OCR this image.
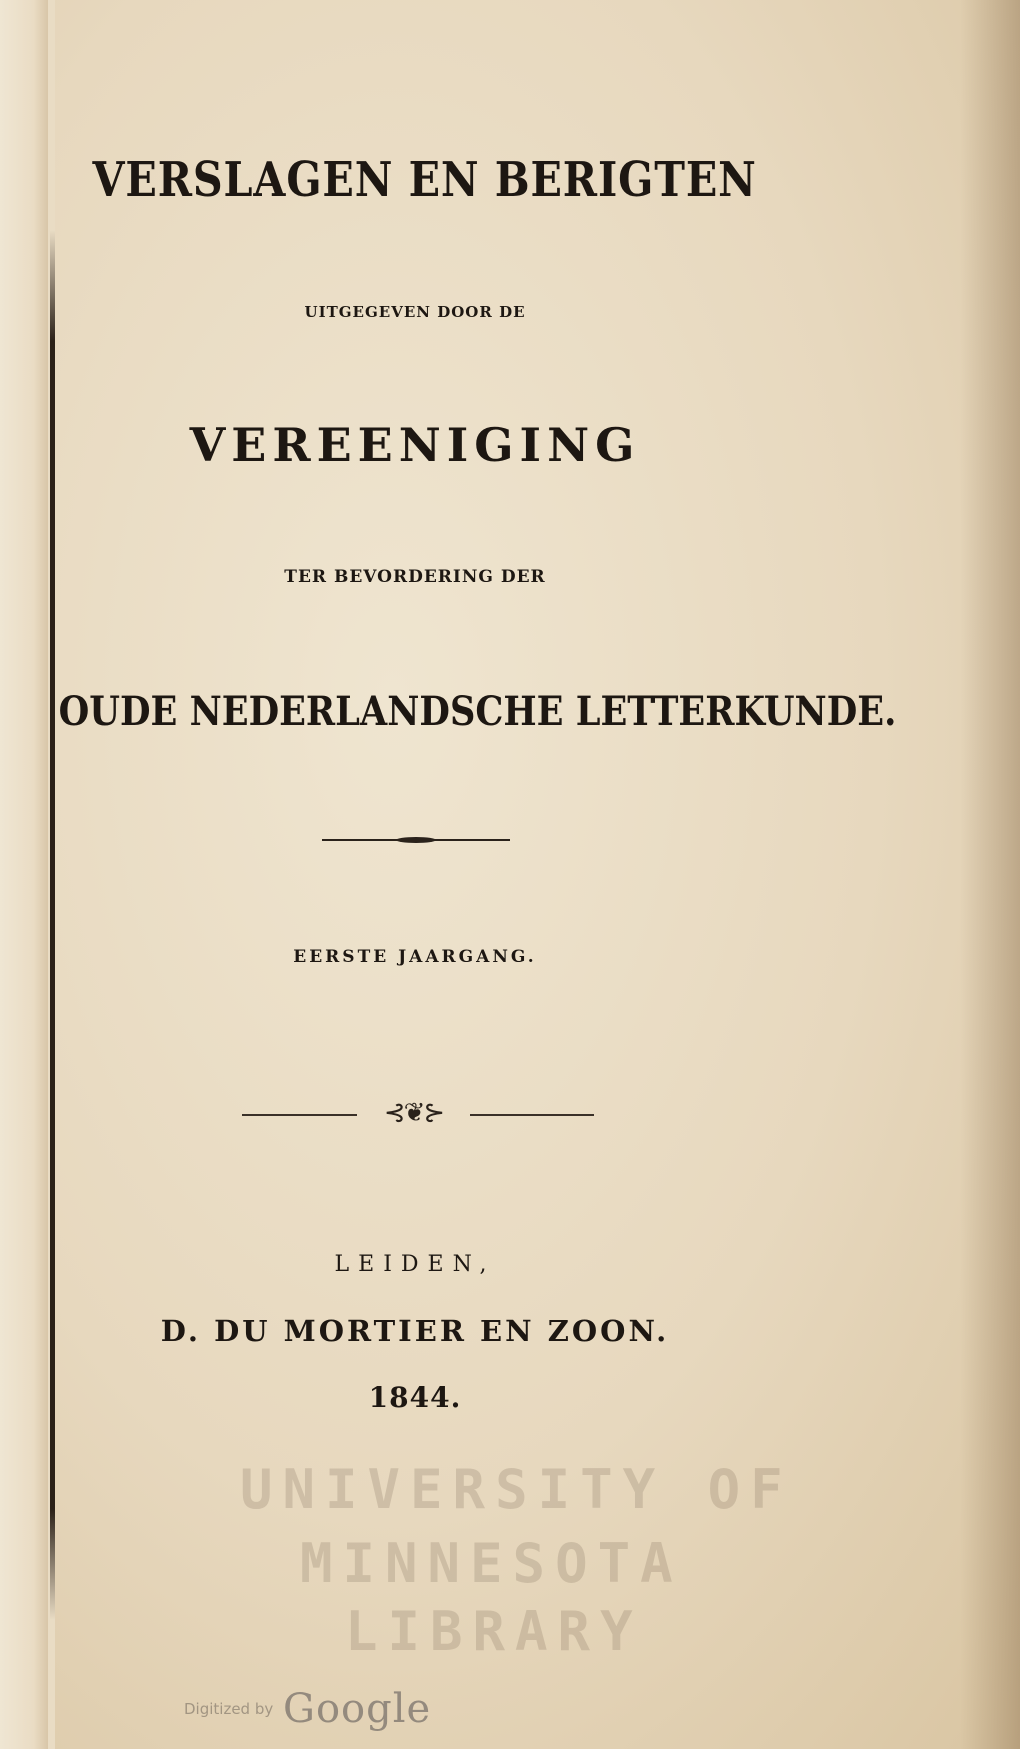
VERSLAGEN EN BERIGTEN

UITGEGEVEN DOOR DE

VEREENIGING

TER BEVORDERING DER

OUDE NEDERLANDSCHE LETTERKUNDE.

EERSTE JAARGANG.

⊰❦⊱

LEIDEN,

D. DU MORTIER EN ZOON.

1844.

UNIVERSITY OF
MINNESOTA
LIBRARY
Digitized by Google
